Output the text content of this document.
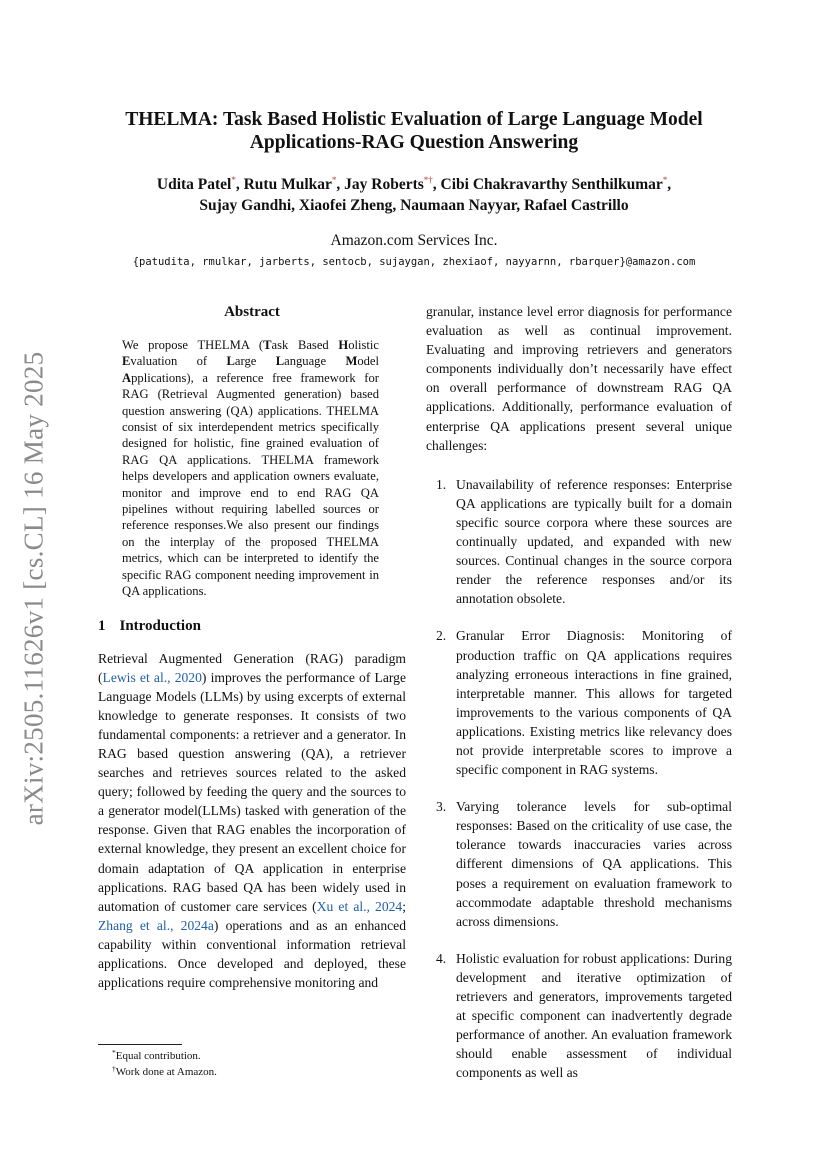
arXiv:2505.11626v1 [cs.CL] 16 May 2025
THELMA: Task Based Holistic Evaluation of Large Language Model Applications-RAG Question Answering
Udita Patel*, Rutu Mulkar*, Jay Roberts*†, Cibi Chakravarthy Senthilkumar*,
Sujay Gandhi, Xiaofei Zheng, Naumaan Nayyar, Rafael Castrillo
Amazon.com Services Inc.
{patudita, rmulkar, jarberts, sentocb, sujaygan, zhexiaof, nayyarnn, rbarquer}@amazon.com
Abstract

We propose THELMA (Task Based Holistic Evaluation of Large Language Model Applications), a reference free framework for RAG (Retrieval Augmented generation) based question answering (QA) applications. THELMA consist of six interdependent metrics specifically designed for holistic, fine grained evaluation of RAG QA applications. THELMA framework helps developers and application owners evaluate, monitor and improve end to end RAG QA pipelines without requiring labelled sources or reference responses.We also present our findings on the interplay of the proposed THELMA metrics, which can be interpreted to identify the specific RAG component needing improvement in QA applications.

1 Introduction

Retrieval Augmented Generation (RAG) paradigm (Lewis et al., 2020) improves the performance of Large Language Models (LLMs) by using excerpts of external knowledge to generate responses. It consists of two fundamental components: a retriever and a generator. In RAG based question answering (QA), a retriever searches and retrieves sources related to the asked query; followed by feeding the query and the sources to a generator model(LLMs) tasked with generation of the response. Given that RAG enables the incorporation of external knowledge, they present an excellent choice for domain adaptation of QA application in enterprise applications. RAG based QA has been widely used in automation of customer care services (Xu et al., 2024; Zhang et al., 2024a) operations and as an enhanced capability within conventional information retrieval applications. Once developed and deployed, these applications require comprehensive monitoring and

*Equal contribution.
†Work done at Amazon.

granular, instance level error diagnosis for performance evaluation as well as continual improvement. Evaluating and improving retrievers and generators components individually don’t necessarily have effect on overall performance of downstream RAG QA applications. Additionally, performance evaluation of enterprise QA applications present several unique challenges:

1. Unavailability of reference responses: Enterprise QA applications are typically built for a domain specific source corpora where these sources are continually updated, and expanded with new sources. Continual changes in the source corpora render the reference responses and/or its annotation obsolete.
2. Granular Error Diagnosis: Monitoring of production traffic on QA applications requires analyzing erroneous interactions in fine grained, interpretable manner. This allows for targeted improvements to the various components of QA applications. Existing metrics like relevancy does not provide interpretable scores to improve a specific component in RAG systems.
3. Varying tolerance levels for sub-optimal responses: Based on the criticality of use case, the tolerance towards inaccuracies varies across different dimensions of QA applications. This poses a requirement on evaluation framework to accommodate adaptable threshold mechanisms across dimensions.
4. Holistic evaluation for robust applications: During development and iterative optimization of retrievers and generators, improvements targeted at specific component can inadvertently degrade performance of another. An evaluation framework should enable assessment of individual components as well as
